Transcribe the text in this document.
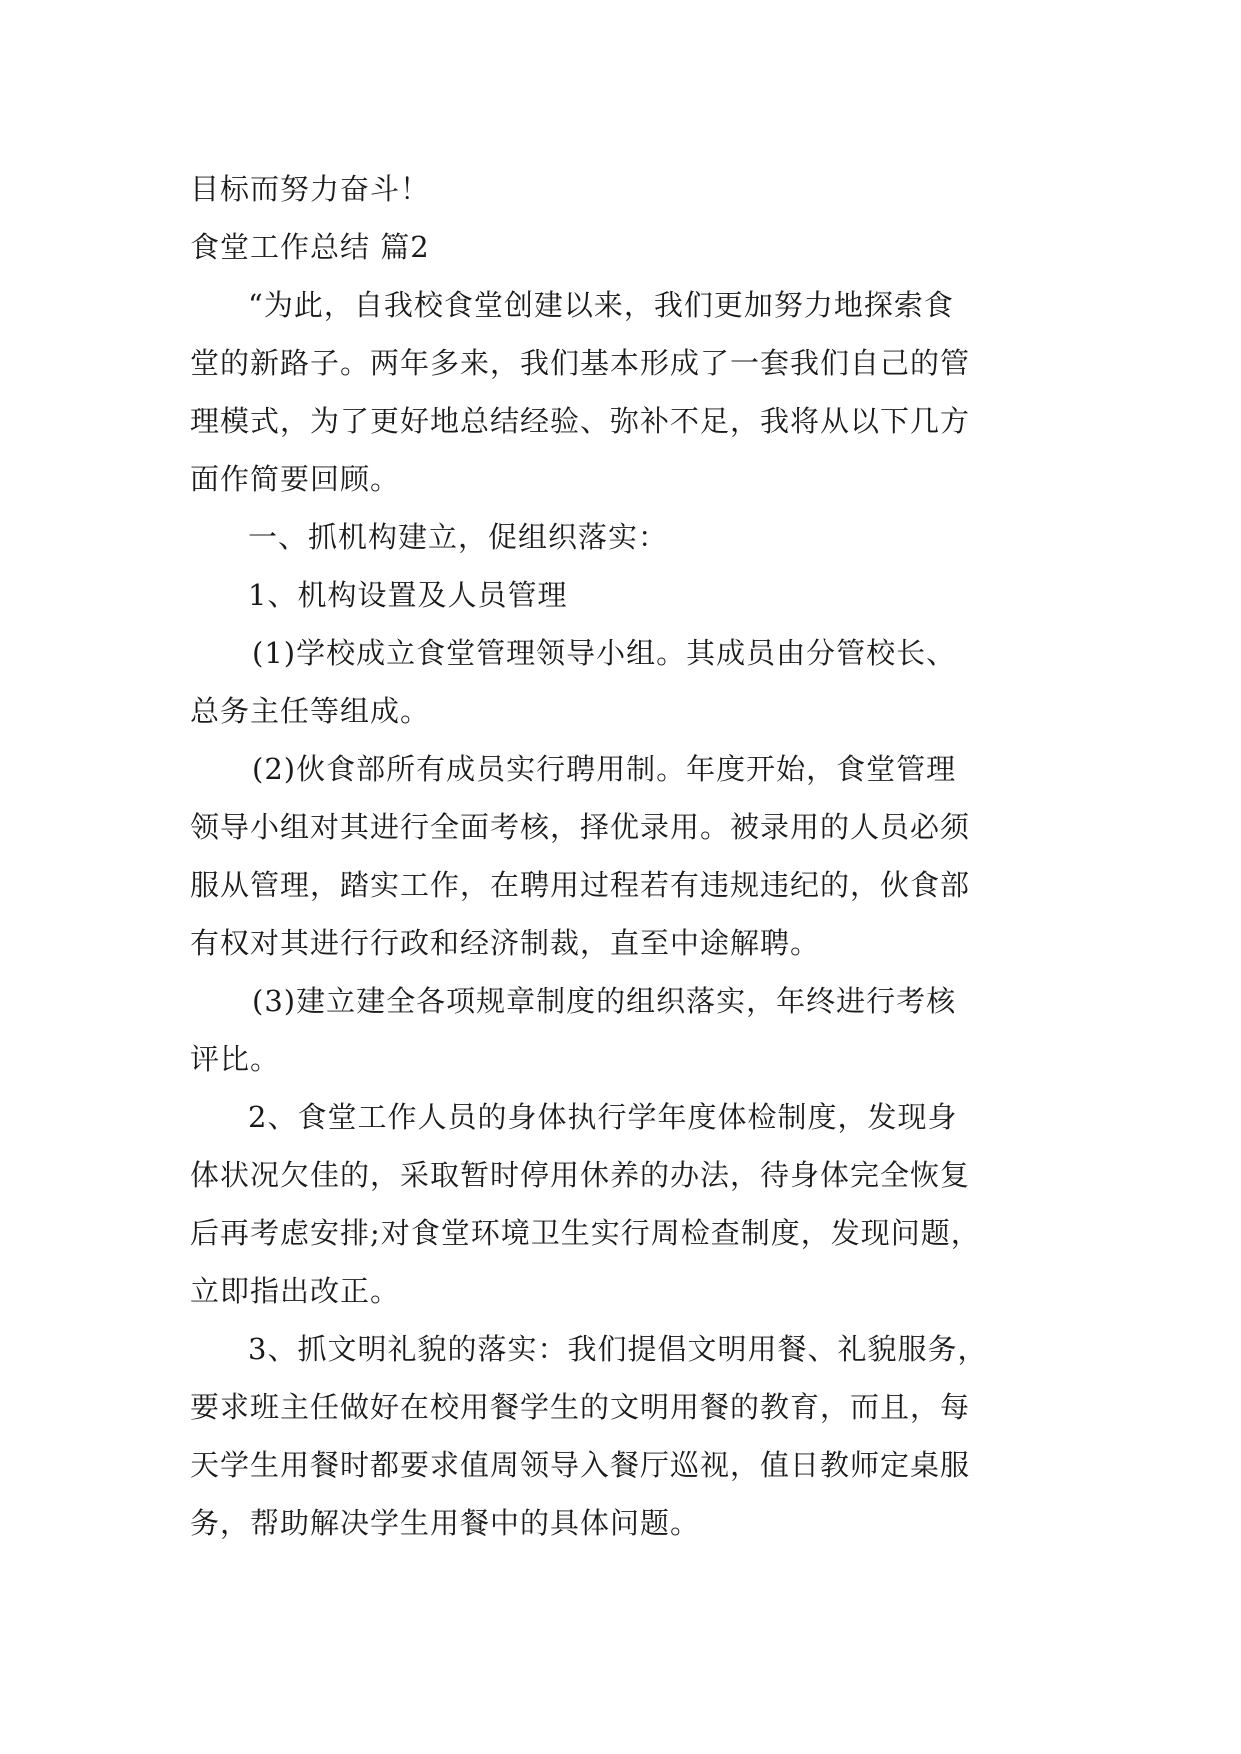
目标而努力奋斗！
食堂工作总结 篇2
“为此，自我校食堂创建以来，我们更加努力地探索食
堂的新路子。两年多来，我们基本形成了一套我们自己的管
理模式，为了更好地总结经验、弥补不足，我将从以下几方
面作简要回顾。
一、抓机构建立，促组织落实：
1、机构设置及人员管理
(1)学校成立食堂管理领导小组。其成员由分管校长、
总务主任等组成。
(2)伙食部所有成员实行聘用制。年度开始，食堂管理
领导小组对其进行全面考核，择优录用。被录用的人员必须
服从管理，踏实工作，在聘用过程若有违规违纪的，伙食部
有权对其进行行政和经济制裁，直至中途解聘。
(3)建立建全各项规章制度的组织落实，年终进行考核
评比。
2、食堂工作人员的身体执行学年度体检制度，发现身
体状况欠佳的，采取暂时停用休养的办法，待身体完全恢复
后再考虑安排;对食堂环境卫生实行周检查制度，发现问题，
立即指出改正。
3、抓文明礼貌的落实：我们提倡文明用餐、礼貌服务，
要求班主任做好在校用餐学生的文明用餐的教育，而且，每
天学生用餐时都要求值周领导入餐厅巡视，值日教师定桌服
务，帮助解决学生用餐中的具体问题。
